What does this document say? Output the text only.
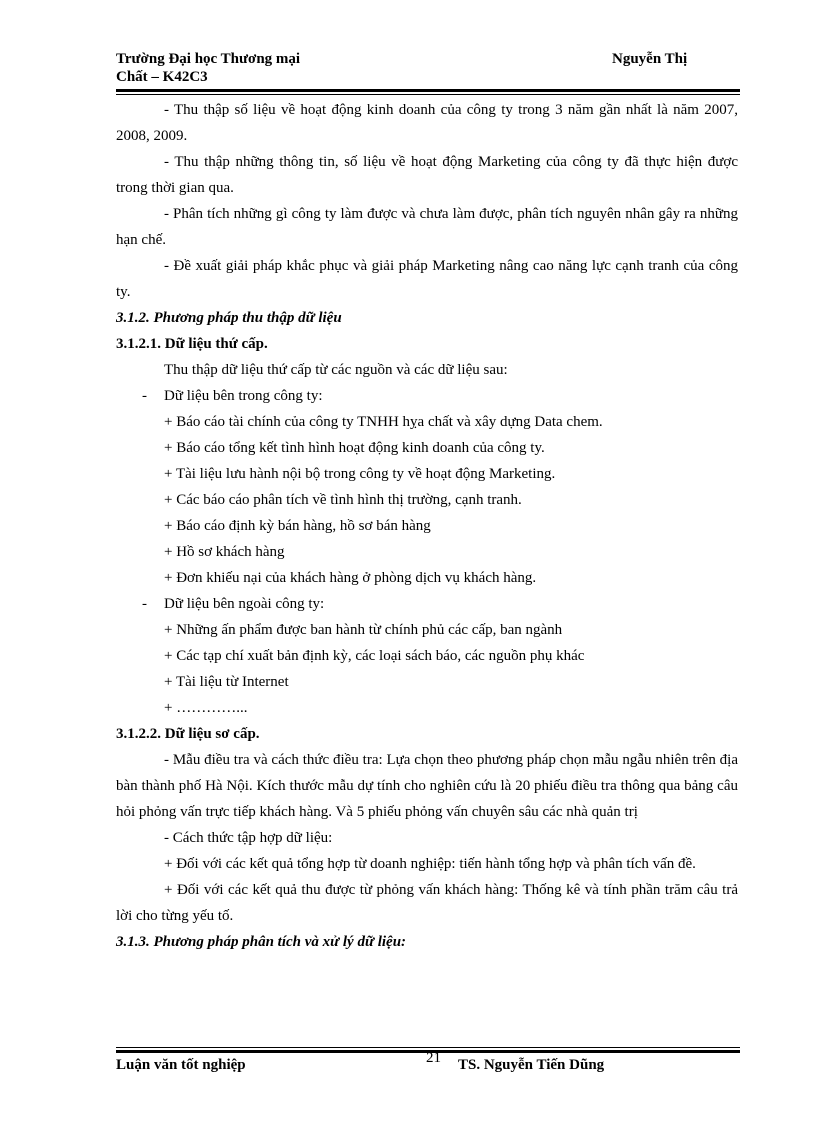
Trường Đại học Thương mại
Chất – K42C3
Nguyễn Thị

- Thu thập số liệu về hoạt động kinh doanh của công ty trong 3 năm gần nhất là năm 2007, 2008, 2009.

- Thu thập những thông tin, số liệu về hoạt động Marketing của công ty đã thực hiện được trong thời gian qua.

- Phân tích những gì công ty làm được và chưa làm được, phân tích nguyên nhân gây ra những hạn chế.

- Đề xuất giải pháp khắc phục và giải pháp Marketing nâng cao năng lực cạnh tranh của công ty.

3.1.2. Phương pháp thu thập dữ liệu

3.1.2.1. Dữ liệu thứ cấp.

Thu thập dữ liệu thứ cấp từ các nguồn và các dữ liệu sau:

- Dữ liệu bên trong công ty:

+ Báo cáo tài chính của công ty TNHH hỵa chất và xây dựng Data chem.

+ Báo cáo tổng kết tình hình hoạt động kinh doanh của công ty.

+ Tài liệu lưu hành nội bộ trong công ty về hoạt động Marketing.

+ Các báo cáo phân tích về tình hình thị trường, cạnh tranh.

+ Báo cáo định kỳ bán hàng, hồ sơ bán hàng

+ Hồ sơ khách hàng

+ Đơn khiếu nại của khách hàng ở phòng dịch vụ khách hàng.

- Dữ liệu bên ngoài công ty:

+ Những ấn phẩm được ban hành từ chính phủ các cấp, ban ngành

+ Các tạp chí xuất bản định kỳ, các loại sách báo, các nguồn phụ khác

+ Tài liệu từ Internet

+ …………...

3.1.2.2. Dữ liệu sơ cấp.

- Mẫu điều tra và cách thức điều tra: Lựa chọn theo phương pháp chọn mẫu ngẫu nhiên trên địa bàn thành phố Hà Nội. Kích thước mẫu dự tính cho nghiên cứu là 20 phiếu điều tra thông qua bảng câu hỏi phỏng vấn trực tiếp khách hàng. Và 5 phiếu phỏng vấn chuyên sâu các nhà quản trị

- Cách thức tập hợp dữ liệu:

+ Đối với các kết quả tổng hợp từ doanh nghiệp: tiến hành tổng hợp và phân tích vấn đề.

+ Đối với các kết quả thu được từ phỏng vấn khách hàng: Thống kê và tính phần trăm câu trả lời cho từng yếu tố.

3.1.3. Phương pháp phân tích và xử lý dữ liệu:

Luận văn tốt nghiệp	21 TS. Nguyễn Tiến Dũng
